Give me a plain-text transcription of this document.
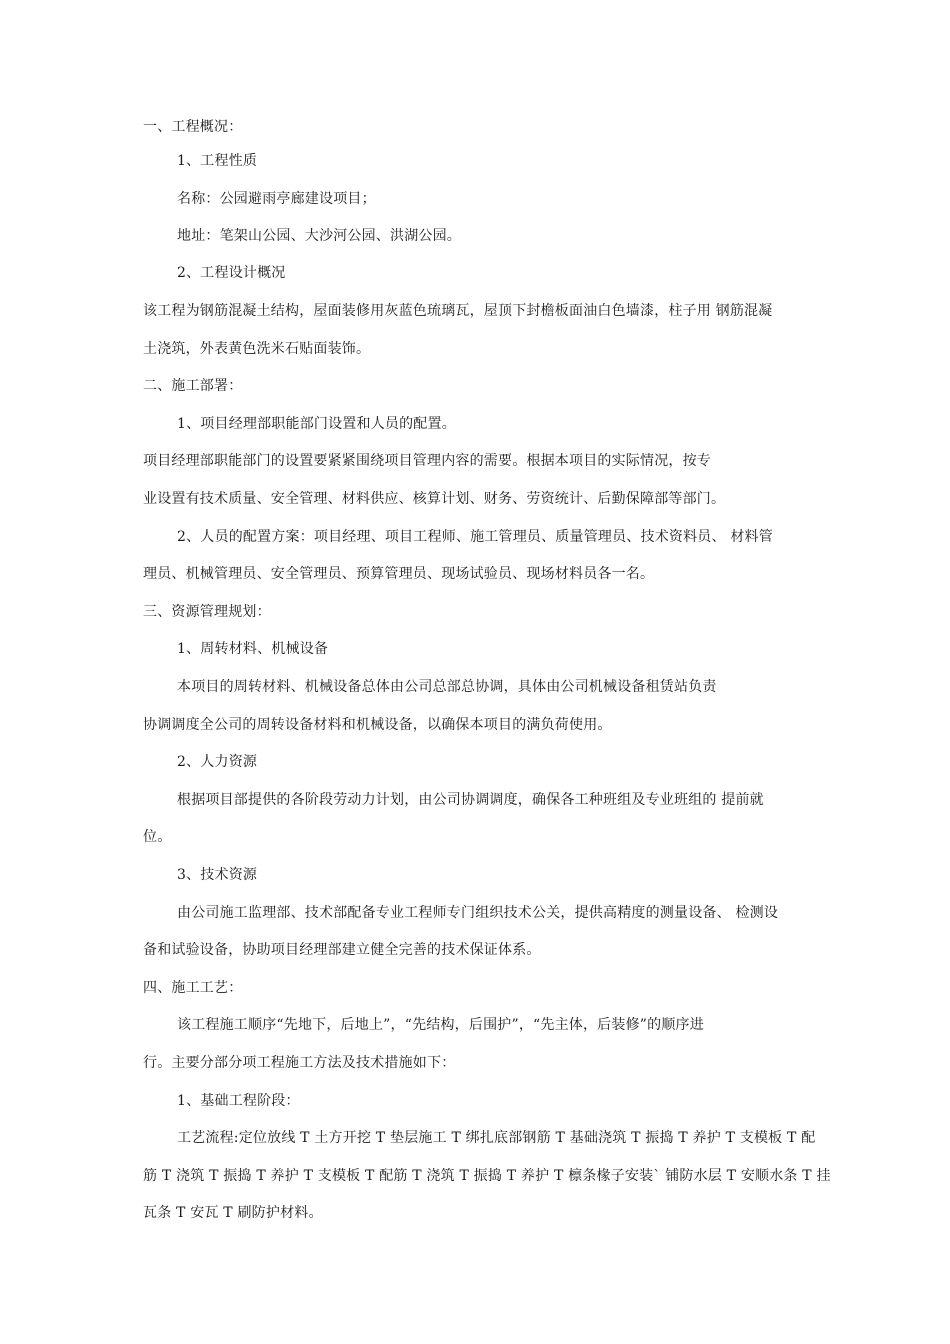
一、工程概况：
1、工程性质
名称：公园避雨亭廊建设项目；
地址：笔架山公园、大沙河公园、洪湖公园。
2、工程设计概况
该工程为钢筋混凝土结构，屋面装修用灰蓝色琉璃瓦，屋顶下封檐板面油白色墙漆，柱子用 钢筋混凝
土浇筑，外表黄色洗米石贴面装饰。
二、施工部署：
1、项目经理部职能部门设置和人员的配置。
项目经理部职能部门的设置要紧紧围绕项目管理内容的需要。根据本项目的实际情况，按专
业设置有技术质量、安全管理、材料供应、核算计划、财务、劳资统计、后勤保障部等部门。
2、人员的配置方案：项目经理、项目工程师、施工管理员、质量管理员、技术资料员、 材料管
理员、机械管理员、安全管理员、预算管理员、现场试验员、现场材料员各一名。
三、资源管理规划：
1、周转材料、机械设备
本项目的周转材料、机械设备总体由公司总部总协调，具体由公司机械设备租赁站负责
协调调度全公司的周转设备材料和机械设备，以确保本项目的满负荷使用。
2、人力资源
根据项目部提供的各阶段劳动力计划，由公司协调调度，确保各工种班组及专业班组的 提前就
位。
3、技术资源
由公司施工监理部、技术部配备专业工程师专门组织技术公关，提供高精度的测量设备、 检测设
备和试验设备，协助项目经理部建立健全完善的技术保证体系。
四、施工工艺：
该工程施工顺序“先地下，后地上”，“先结构，后围护”，“先主体，后装修”的顺序进
行。主要分部分项工程施工方法及技术措施如下：
1、基础工程阶段：
工艺流程:定位放线 T 土方开挖 T 垫层施工 T 绑扎底部钢筋 T 基础浇筑 T 振捣 T 养护 T 支模板 T 配
筋 T 浇筑 T 振捣 T 养护 T 支模板 T 配筋 T 浇筑 T 振捣 T 养护 T 檩条椽子安装` 铺防水层 T 安顺水条 T 挂
瓦条 T 安瓦 T 刷防护材料。
